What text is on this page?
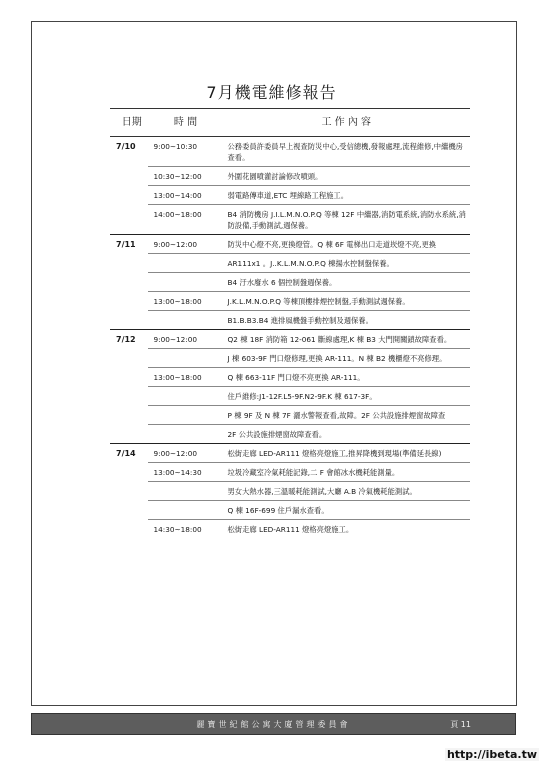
7月機電維修報告
日期	時 間	工 作 內 容
7/10	9:00~10:30	公務委員許委員早上視查防災中心,受信總機,發報處理,流程維修,中繼機房查看。
	10:30~12:00	外圍花園噴灌討論修改噴頭。
	13:00~14:00	弱電路傳車道,ETC 埋線路工程施工。
	14:00~18:00	B4 消防機房 J.I.L.M.N.O.P.Q 等棟 12F 中繼器,消防電系統,消防水系統,消防設備,手動測試,週保養。
7/11	9:00~12:00	防災中心燈不亮,更換燈管。Q 棟 6F 電梯出口走道崁燈不亮,更換
		AR111x1 。J..K.L.M.N.O.P.Q 棟揚水控制盤保養。
		B4 汙水廢水 6 個控制盤週保養。
	13:00~18:00	J.K.L.M.N.O.P.Q 等棟頂樓排煙控制盤,手動測試週保養。
		B1.B.B3.B4 進排風機盤手動控制及週保養。
7/12	9:00~12:00	Q2 棟 18F 消防箱 12-061 斷線處理,K 棟 B3 大門開關鎖故障查看。
		J 棟 603-9F 門口燈修理,更換 AR-111。N 棟 B2 機櫃燈不亮修理。
	13:00~18:00	Q 棟 663-11F 門口燈不亮更換 AR-111。
		住戶維修:J1-12F.L5-9F.N2-9F.K 棟 617-3F。
		P 棟 9F 及 N 棟 7F 灑水警報查看,故障。2F 公共設施排煙窗故障查
		2F 公共設施排煙窗故障查看。
7/14	9:00~12:00	松街走廊 LED-AR111 燈格亮燈施工,推昇降機到現場(準備延長線)
	13:00~14:30	垃圾冷藏室冷氣耗能記錄,二 F 會館冰水機耗能測量。
		男女大熱水器,三溫暖耗能測試,大廳 A.B 冷氣機耗能測試。
		Q 棟 16F-699 住戶漏水查看。
	14:30~18:00	松街走廊 LED-AR111 燈格亮燈施工。
麗寶世紀館公寓大廈管理委員會	頁 11
http://ibeta.tw
